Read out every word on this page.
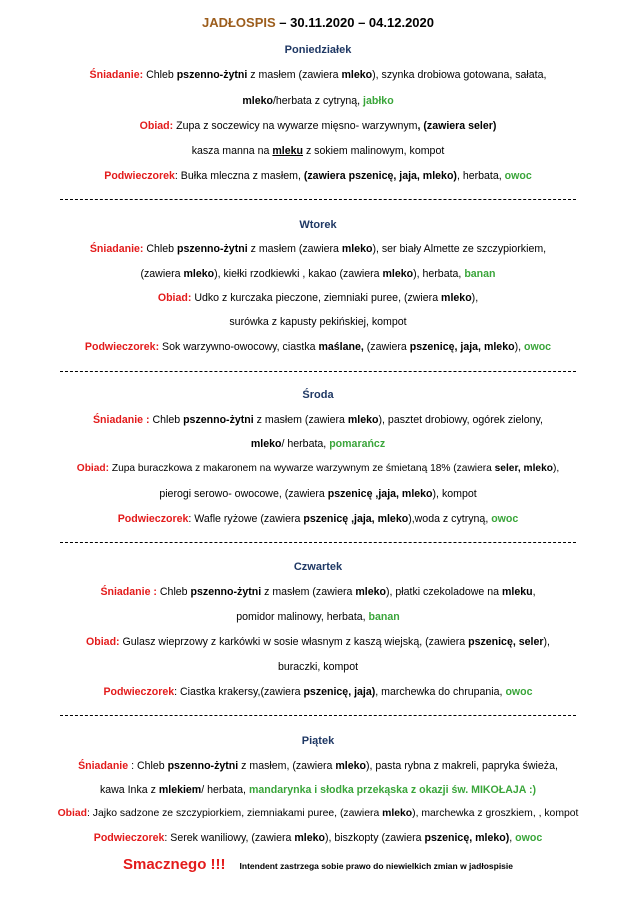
JADŁOSPIS – 30.11.2020 – 04.12.2020
Poniedziałek
Śniadanie: Chleb pszenno-żytni z masłem (zawiera mleko), szynka drobiowa gotowana, sałata,
mleko/herbata z cytryną, jabłko
Obiad: Zupa z soczewicy na wywarze mięsno- warzywnym, (zawiera seler)
kasza manna na mleku z sokiem malinowym, kompot
Podwieczorek: Bułka mleczna z masłem, (zawiera pszenicę, jaja, mleko), herbata, owoc
Wtorek
Śniadanie: Chleb pszenno-żytni z masłem (zawiera mleko), ser biały Almette ze szczypiorkiem,
(zawiera mleko), kiełki rzodkiewki , kakao (zawiera mleko), herbata, banan
Obiad: Udko z kurczaka pieczone, ziemniaki puree, (zwiera mleko),
surówka z kapusty pekińskiej, kompot
Podwieczorek: Sok warzywno-owocowy, ciastka maślane, (zawiera pszenicę, jaja, mleko), owoc
Środa
Śniadanie : Chleb pszenno-żytni z masłem (zawiera mleko), pasztet drobiowy, ogórek zielony,
mleko/ herbata, pomarańcz
Obiad: Zupa buraczkowa z makaronem na wywarze warzywnym ze śmietaną 18% (zawiera seler, mleko),
pierogi serowo- owocowe, (zawiera pszenicę ,jaja, mleko), kompot
Podwieczorek: Wafle ryżowe (zawiera pszenicę ,jaja, mleko),woda z cytryną, owoc
Czwartek
Śniadanie : Chleb pszenno-żytni z masłem (zawiera mleko), płatki czekoladowe na mleku,
pomidor malinowy, herbata, banan
Obiad: Gulasz wieprzowy z karkówki w sosie własnym z kaszą wiejską, (zawiera pszenicę, seler),
buraczki, kompot
Podwieczorek: Ciastka krakersy,(zawiera pszenicę, jaja), marchewka do chrupania, owoc
Piątek
Śniadanie : Chleb pszenno-żytni z masłem, (zawiera mleko), pasta rybna z makreli, papryka świeża,
kawa Inka z mlekiem/ herbata, mandarynka i słodka przekąska z okazji św. MIKOŁAJA :)
Obiad: Jajko sadzone ze szczypiorkiem, ziemniakami puree, (zawiera mleko), marchewka z groszkiem, , kompot
Podwieczorek: Serek waniliowy, (zawiera mleko), biszkopty (zawiera pszenicę, mleko), owoc
Smacznego !!! Intendent zastrzega sobie prawo do niewielkich zmian w jadłospisie
